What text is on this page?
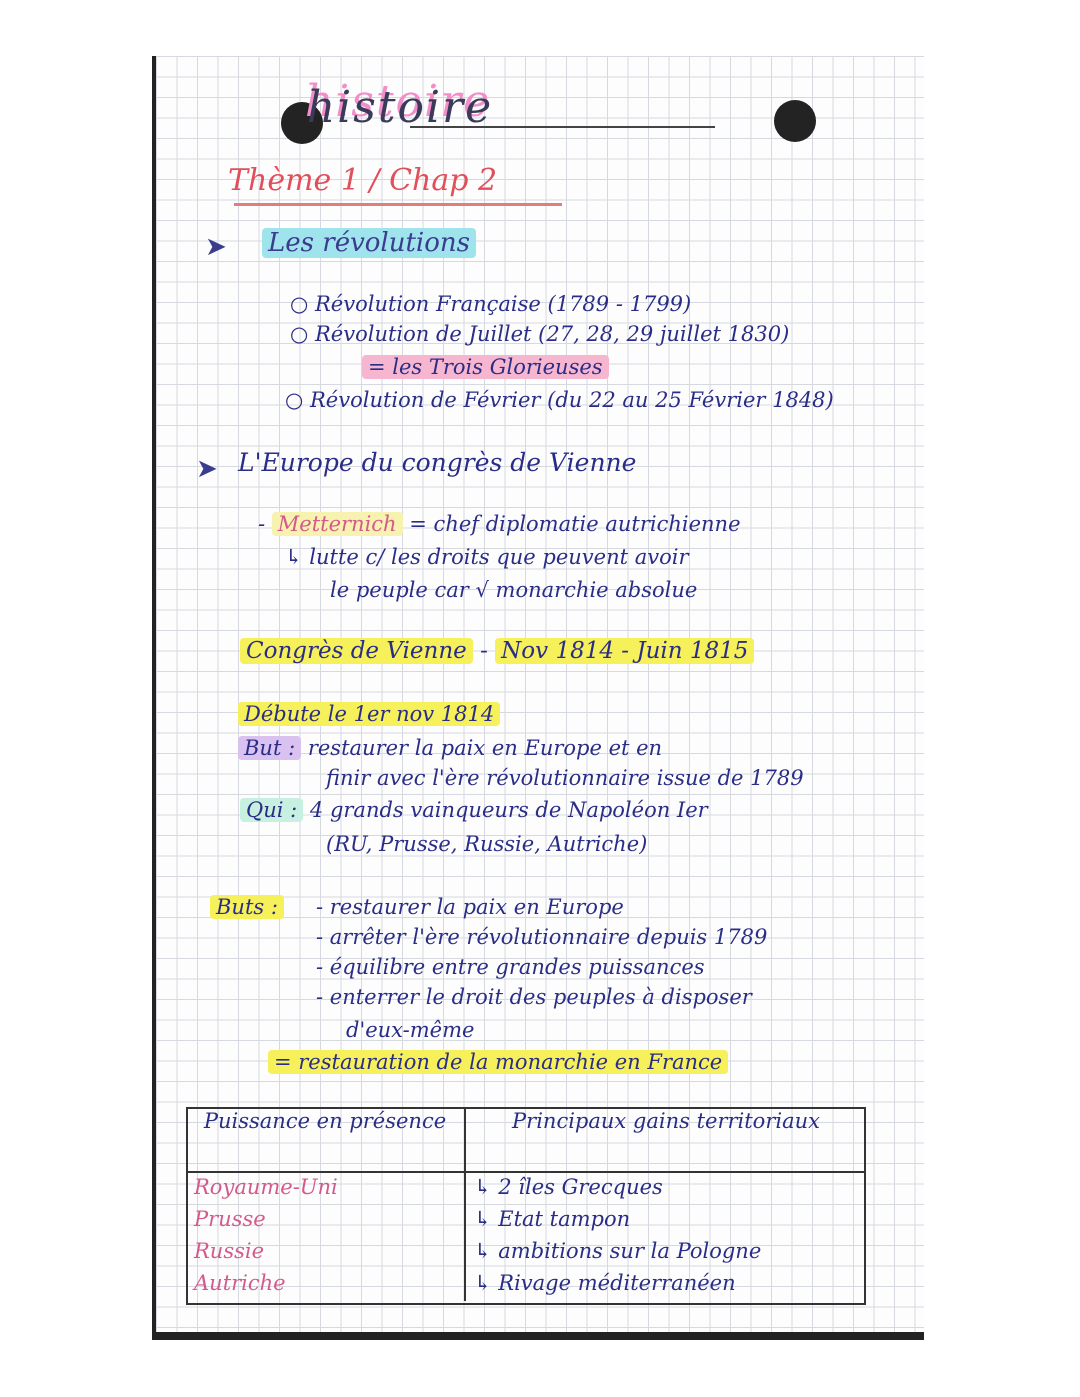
histoire
Thème 1 / Chap 2
➤ Les révolutions
○ Révolution Française (1789 - 1799)
○ Révolution de Juillet (27, 28, 29 juillet 1830)
= les Trois Glorieuses
○ Révolution de Février (du 22 au 25 Février 1848)
➤ L'Europe du congrès de Vienne
- Metternich = chef diplomatie autrichienne
↳ lutte c/ les droits que peuvent avoir
le peuple car √ monarchie absolue
Congrès de Vienne - Nov 1814 - Juin 1815
Débute le 1er nov 1814
But : restaurer la paix en Europe et en
finir avec l'ère révolutionnaire issue de 1789
Qui : 4 grands vainqueurs de Napoléon Ier
(RU, Prusse, Russie, Autriche)
Buts : - restaurer la paix en Europe
- arrêter l'ère révolutionnaire depuis 1789
- équilibre entre grandes puissances
- enterrer le droit des peuples à disposer
d'eux-même
= restauration de la monarchie en France
Puissance en présence	Principaux gains territoriaux
Royaume-Uni	↳ 2 îles Grecques
Prusse	↳ Etat tampon
Russie	↳ ambitions sur la Pologne
Autriche	↳ Rivage méditerranéen
